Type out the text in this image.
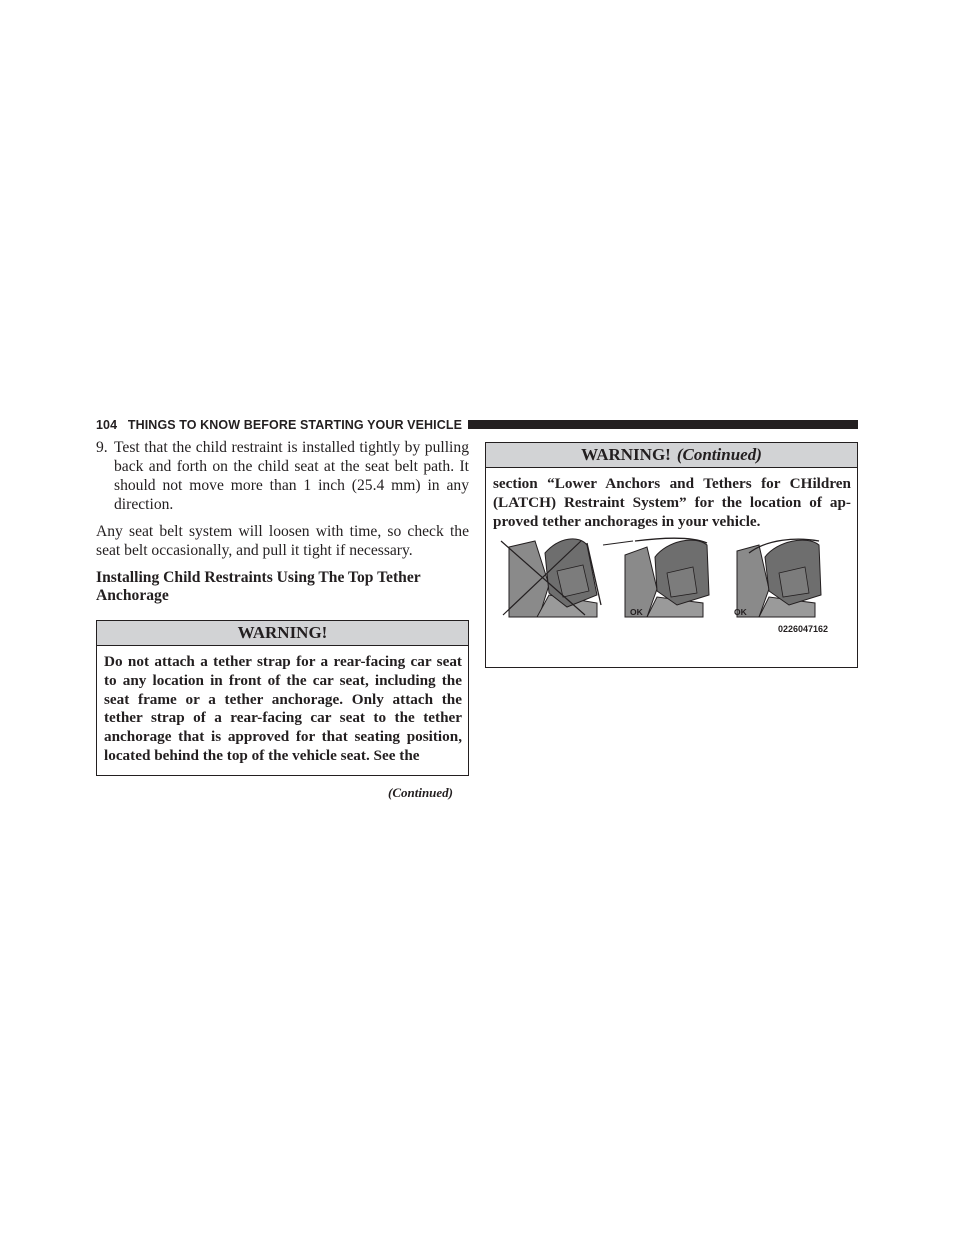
104 THINGS TO KNOW BEFORE STARTING YOUR VEHICLE
9. Test that the child restraint is installed tightly by pulling back and forth on the child seat at the seat belt path. It should not move more than 1 inch (25.4 mm) in any direction.
Any seat belt system will loosen with time, so check the seat belt occasionally, and pull it tight if necessary.
Installing Child Restraints Using The Top Tether Anchorage
WARNING!
Do not attach a tether strap for a rear-facing car seat to any location in front of the car seat, including the seat frame or a tether anchorage. Only attach the tether strap of a rear-facing car seat to the tether anchorage that is approved for that seating position, located behind the top of the vehicle seat. See the
(Continued)
WARNING! (Continued)
section “Lower Anchors and Tethers for CHildren (LATCH) Restraint System” for the location of ap-proved tether anchorages in your vehicle.
OK	OK
0226047162
